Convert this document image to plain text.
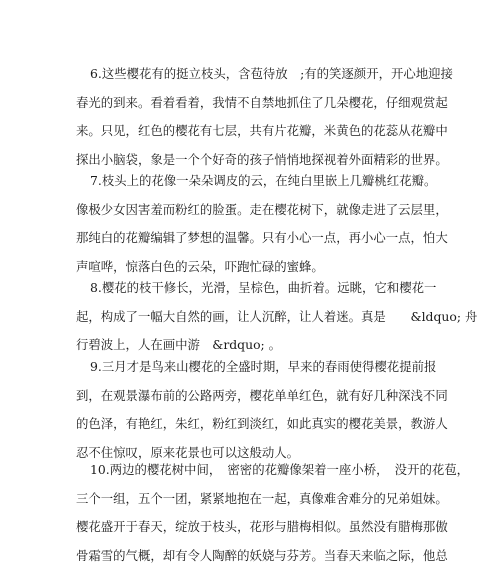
6.这些樱花有的挺立枝头，含苞待放　;有的笑逐颜开，开心地迎接
春光的到来。看着看着，我情不自禁地抓住了几朵樱花，仔细观赏起
来。只见，红色的樱花有七层，共有片花瓣，米黄色的花蕊从花瓣中
探出小脑袋，象是一个个好奇的孩子悄悄地探视着外面精彩的世界。
7.枝头上的花像一朵朵调皮的云，在纯白里嵌上几瓣桃红花瓣。
像极少女因害羞而粉红的脸蛋。走在樱花树下，就像走进了云层里，
那纯白的花瓣编辑了梦想的温馨。只有小心一点，再小心一点，怕大
声喧哗，惊落白色的云朵，吓跑忙碌的蜜蜂。
8.樱花的枝干修长，光滑，呈棕色，曲折着。远眺，它和樱花一
起，构成了一幅大自然的画，让人沉醉，让人着迷。真是　　&ldquo; 舟
行碧波上，人在画中游　&rdquo; 。
9.三月才是鸟来山樱花的全盛时期，早来的春雨使得樱花提前报
到，在观景瀑布前的公路两旁，樱花单单红色，就有好几种深浅不同
的色泽，有艳红，朱红，粉红到淡红，如此真实的樱花美景，教游人
忍不住惊叹，原来花景也可以这般动人。
10.两边的樱花树中间，　密密的花瓣像架着一座小桥，　没开的花苞，
三个一组，五个一团，紧紧地抱在一起，真像难舍难分的兄弟姐妹。
樱花盛开于春天，绽放于枝头，花形与腊梅相似。虽然没有腊梅那傲
骨霜雪的气概，却有令人陶醉的妖娆与芬芳。当春天来临之际，他总
